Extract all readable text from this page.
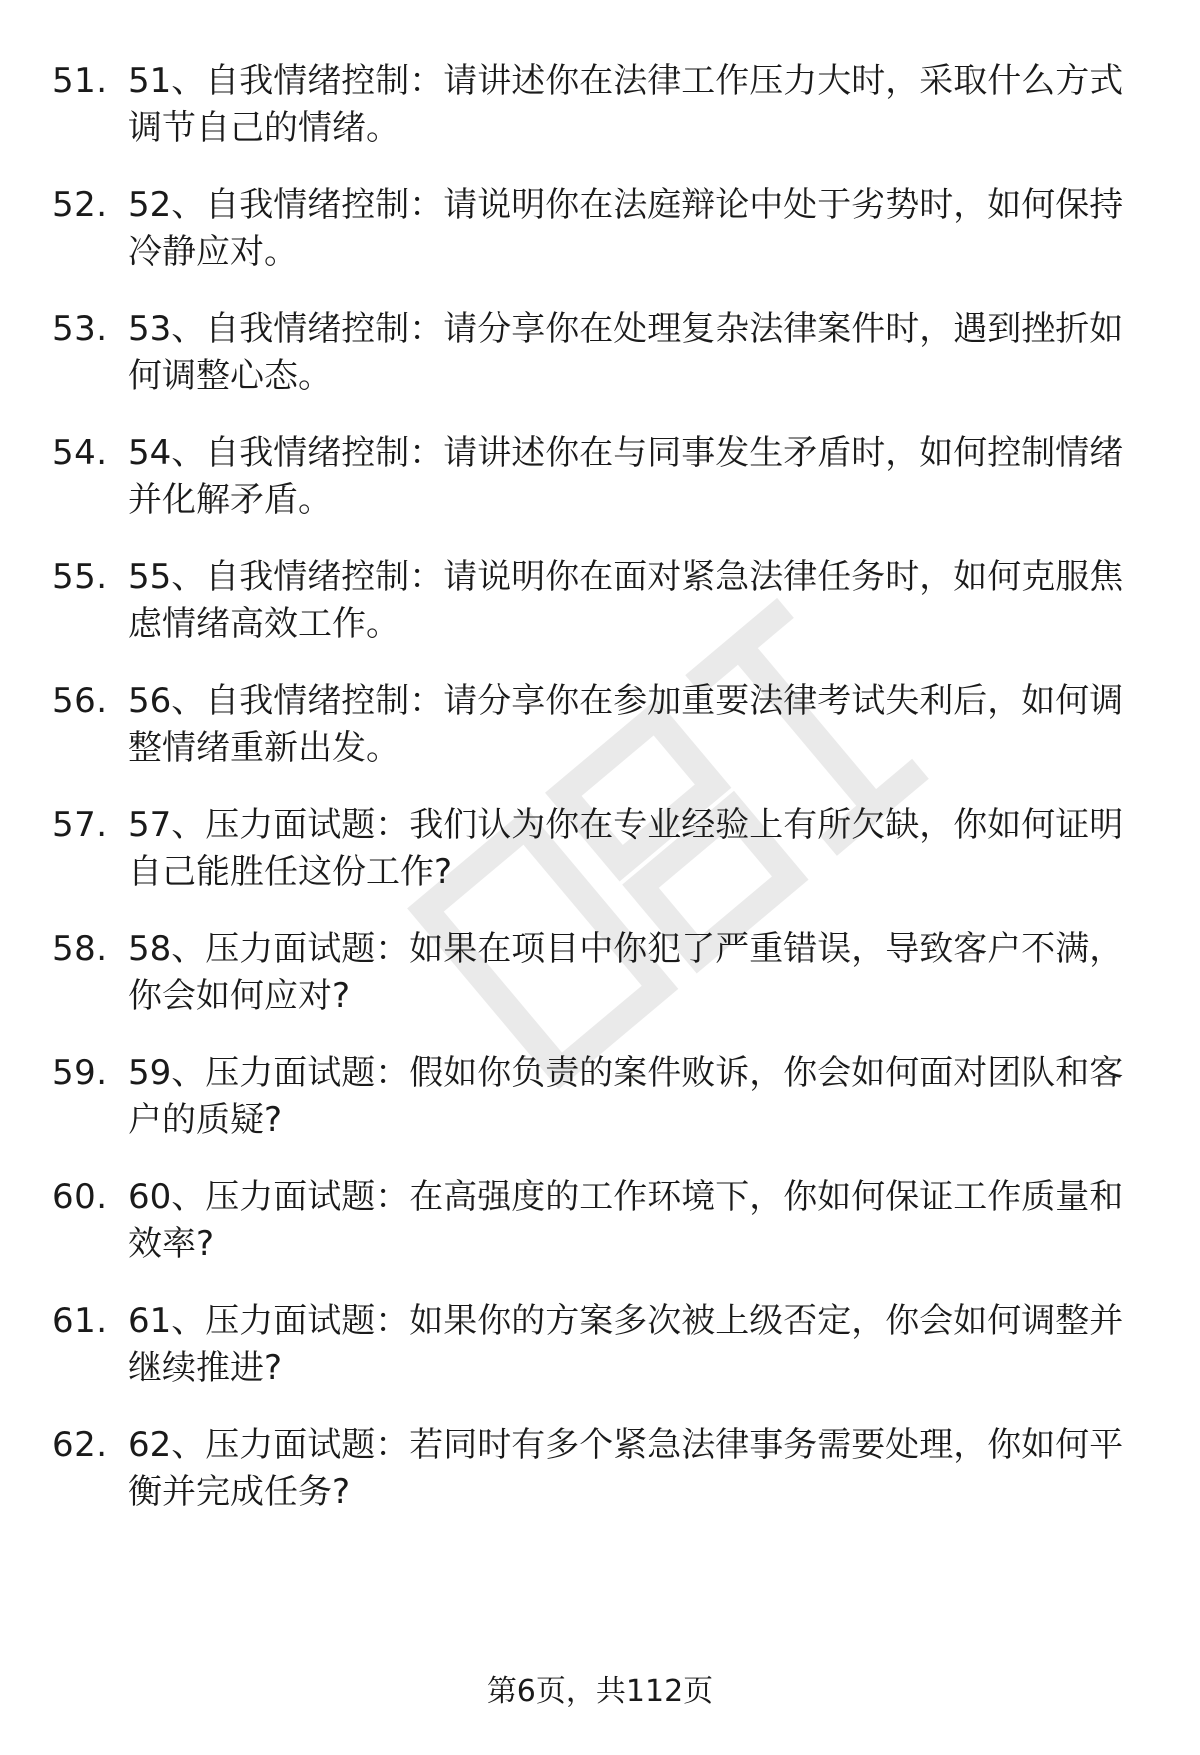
51. 51、自我情绪控制：请讲述你在法律工作压力大时，采取什么方式调节自己的情绪。
52. 52、自我情绪控制：请说明你在法庭辩论中处于劣势时，如何保持冷静应对。
53. 53、自我情绪控制：请分享你在处理复杂法律案件时，遇到挫折如何调整心态。
54. 54、自我情绪控制：请讲述你在与同事发生矛盾时，如何控制情绪并化解矛盾。
55. 55、自我情绪控制：请说明你在面对紧急法律任务时，如何克服焦虑情绪高效工作。
56. 56、自我情绪控制：请分享你在参加重要法律考试失利后，如何调整情绪重新出发。
57. 57、压力面试题：我们认为你在专业经验上有所欠缺，你如何证明自己能胜任这份工作?
58. 58、压力面试题：如果在项目中你犯了严重错误，导致客户不满，你会如何应对?
59. 59、压力面试题：假如你负责的案件败诉，你会如何面对团队和客户的质疑?
60. 60、压力面试题：在高强度的工作环境下，你如何保证工作质量和效率?
61. 61、压力面试题：如果你的方案多次被上级否定，你会如何调整并继续推进?
62. 62、压力面试题：若同时有多个紧急法律事务需要处理，你如何平衡并完成任务?
第6页，共112页
